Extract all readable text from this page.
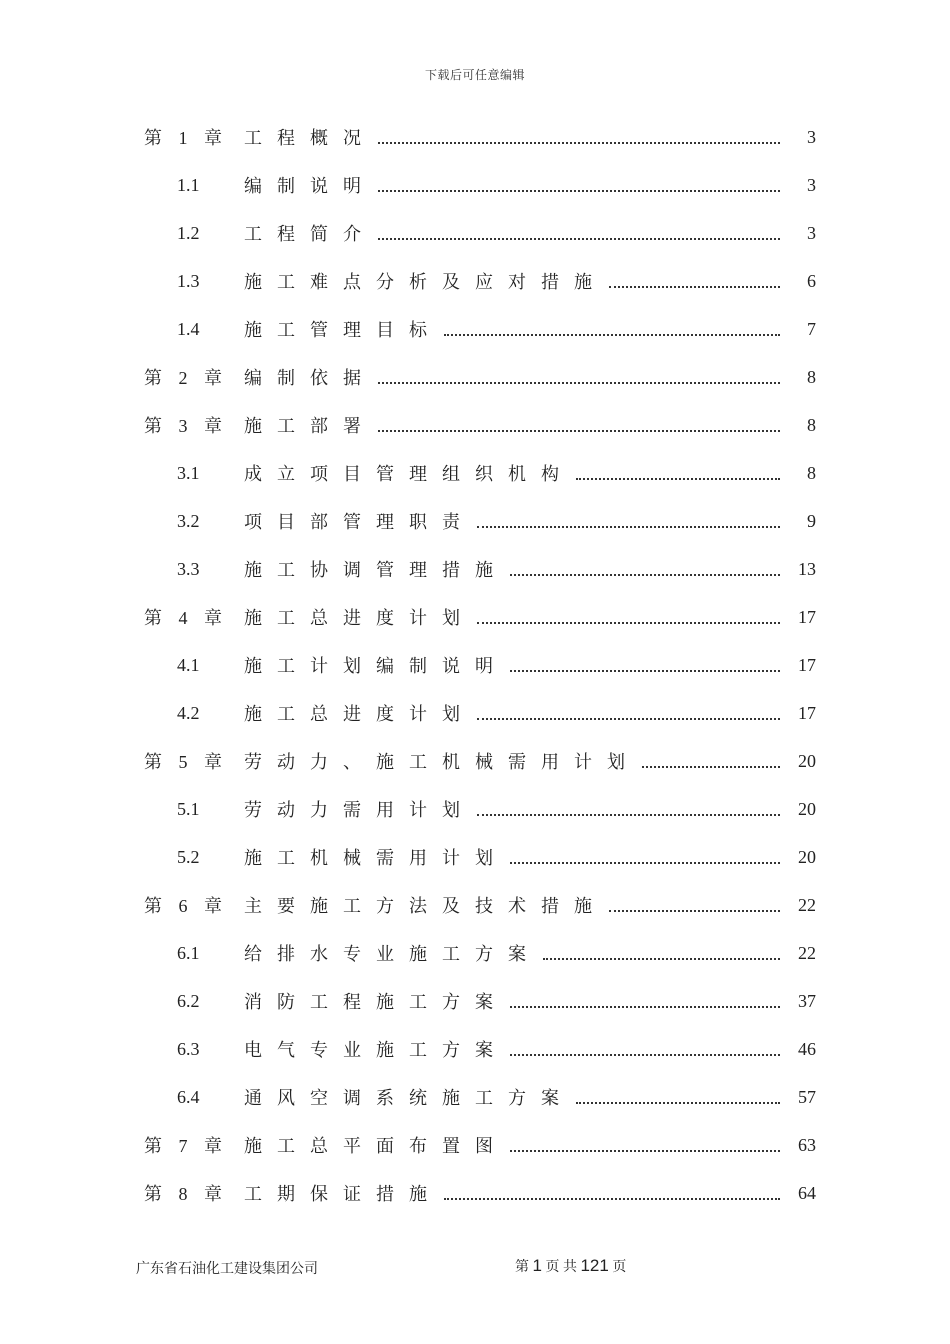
下载后可任意编辑
第 1 章 工程概况	3
1.1 编制说明	3
1.2 工程简介	3
1.3 施工难点分析及应对措施	6
1.4 施工管理目标	7
第 2 章 编制依据	8
第 3 章 施工部署	8
3.1 成立项目管理组织机构	8
3.2 项目部管理职责	9
3.3 施工协调管理措施	13
第 4 章 施工总进度计划	17
4.1 施工计划编制说明	17
4.2 施工总进度计划	17
第 5 章 劳动力、施工机械需用计划	20
5.1 劳动力需用计划	20
5.2 施工机械需用计划	20
第 6 章 主要施工方法及技术措施	22
6.1 给排水专业施工方案	22
6.2 消防工程施工方案	37
6.3 电气专业施工方案	46
6.4 通风空调系统施工方案	57
第 7 章 施工总平面布置图	63
第 8 章 工期保证措施	64
广东省石油化工建设集团公司	第 1 页 共 121 页
